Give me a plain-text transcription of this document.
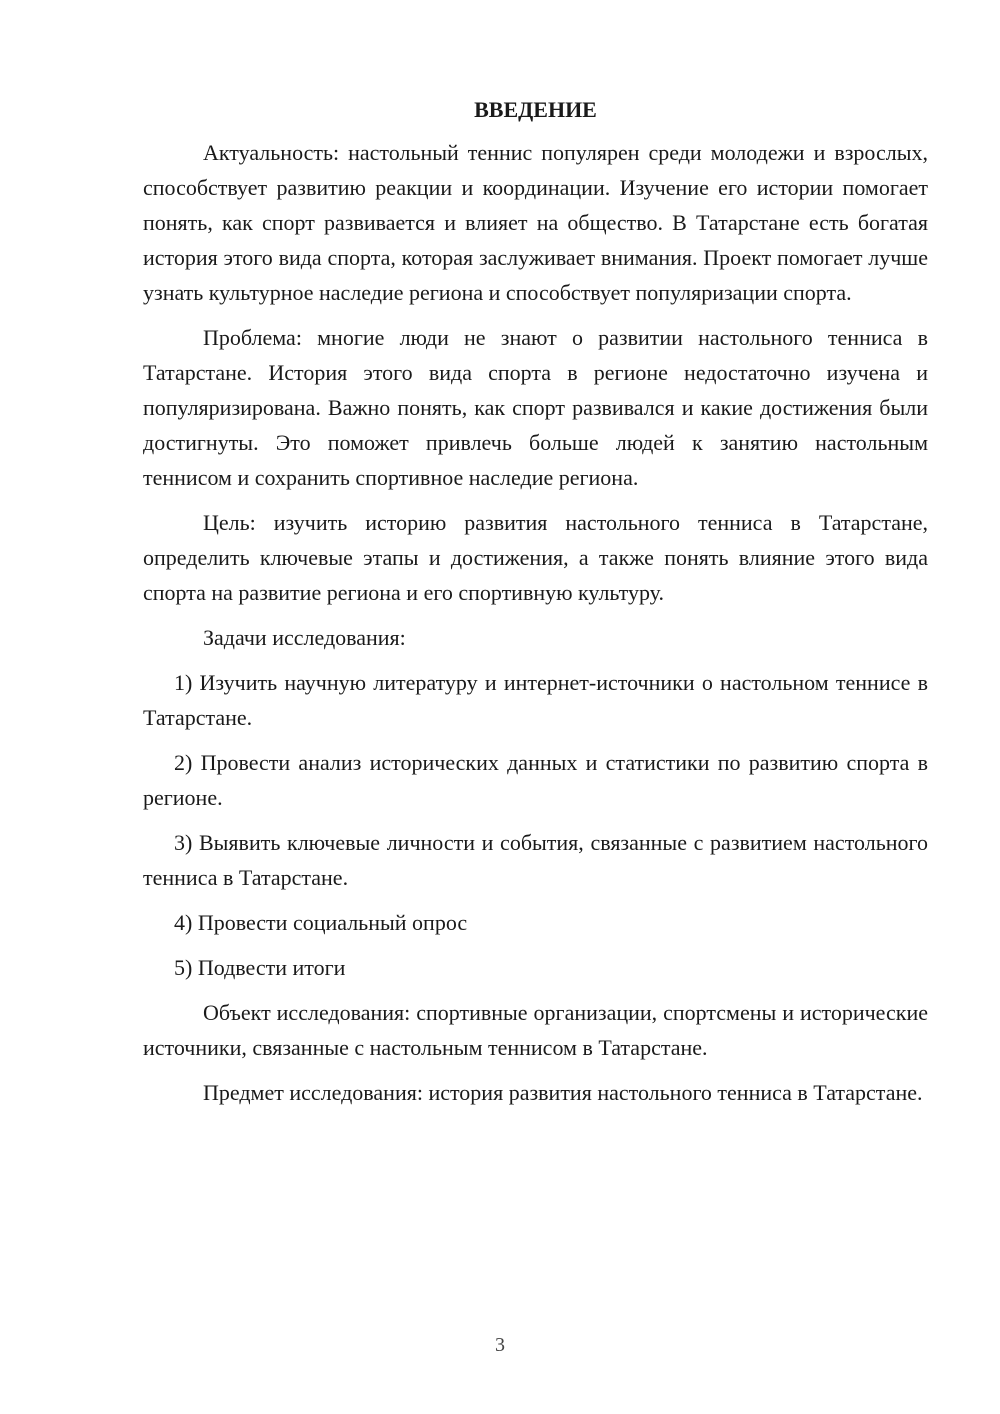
ВВЕДЕНИЕ

Актуальность: настольный теннис популярен среди молодежи и взрослых, способствует развитию реакции и координации. Изучение его истории помогает понять, как спорт развивается и влияет на общество. В Татарстане есть богатая история этого вида спорта, которая заслуживает внимания. Проект помогает лучше узнать культурное наследие региона и способствует популяризации спорта.

Проблема: многие люди не знают о развитии настольного тенниса в Татарстане. История этого вида спорта в регионе недостаточно изучена и популяризирована. Важно понять, как спорт развивался и какие достижения были достигнуты. Это поможет привлечь больше людей к занятию настольным теннисом и сохранить спортивное наследие региона.

Цель: изучить историю развития настольного тенниса в Татарстане, определить ключевые этапы и достижения, а также понять влияние этого вида спорта на развитие региона и его спортивную культуру.

Задачи исследования:

1) Изучить научную литературу и интернет-источники о настольном теннисе в Татарстане.

2) Провести анализ исторических данных и статистики по развитию спорта в регионе.

3) Выявить ключевые личности и события, связанные с развитием настольного тенниса в Татарстане.

4) Провести социальный опрос

5) Подвести итоги

Объект исследования: спортивные организации, спортсмены и исторические источники, связанные с настольным теннисом в Татарстане.

Предмет исследования: история развития настольного тенниса в Татарстане.

3
